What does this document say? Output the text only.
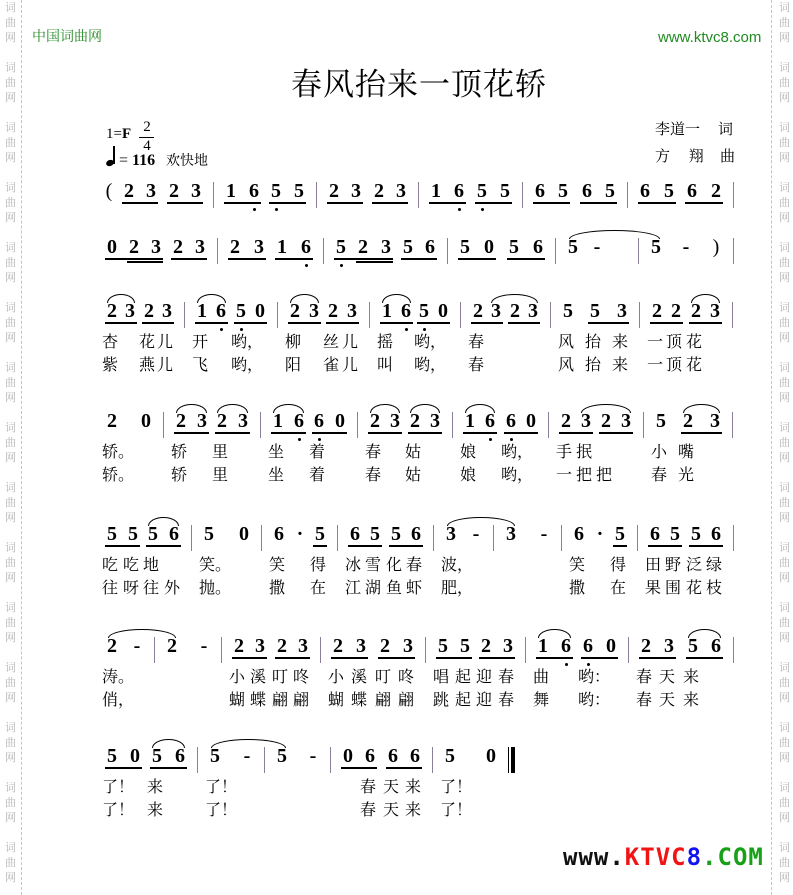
词曲网
词曲网
词曲网
词曲网
词曲网
词曲网
词曲网
词曲网
词曲网
词曲网
词曲网
词曲网
词曲网
词曲网
词曲网
词曲网
词曲网
词曲网
词曲网
词曲网
词曲网
词曲网
词曲网
词曲网
词曲网
词曲网
词曲网
词曲网
词曲网
词曲网
中国词曲网	www.ktvc8.com
春风抬来一顶花轿
1=F 2
4
= 116 欢快地
李道一 词
方 翔 曲
( 2 3 2 3 1 6 5 5 2 3 2 3 1 6 5 5 6 5 6 5 6 5 6 2
0 2 3 2 3 2 3 1 6 5 2 3 5 6 5 0 5 6 5 -	5 - )
2
杏
紫
3 2
花
燕
3
儿
儿
1
开
飞
6 5
哟，
哟，
0 2
柳
阳
3 2
丝
雀
3
儿
儿
1
摇
叫
6 5
哟，
哟，
0 2
春
春
3 2 3 5
风
风
5
抬
抬
3
来
来
2
一
一
2
顶
顶
2
花
花
3
2
轿。
轿。
0 2
轿
轿
3 2
里
里
3 1
坐
坐
6 6
着
着
0 2
春
春
3 2
姑
姑
3 1
娘
娘
6 6
哟，
哟，
0 2
手
一
3
抿
把
2
把
3 5
小
春
2
嘴
光
3
5
吃
往
5
吃
呀
5
地
往
6
外
5
笑。
抛。
0 6
笑
撒
· 5
得
在
6
冰
江
5
雪
湖
5
化
鱼
6
春
虾
3
波，
肥，
- 3 - 6
笑
撒
· 5
得
在
6
田
果
5
野
围
5
泛
花
6
绿
枝
2
涛。
俏，
- 2 - 2
小
蝴
3
溪
蝶
2
叮
翩
3
咚
翩
2
小
蝴
3
溪
蝶
2
叮
翩
3
咚
翩
5
唱
跳
5
起
起
2
迎
迎
3
春
春
1
曲
舞
6 6
哟：
哟：
0 2
春
春
3
天
天
5
来
来
6
5
了！
了！
0 5
来
来
6 5
了！
了！
- 5 - 0 6
春
春
6
天
天
6
来
来
5
了！
了！
0
www.KTVC8.COM
